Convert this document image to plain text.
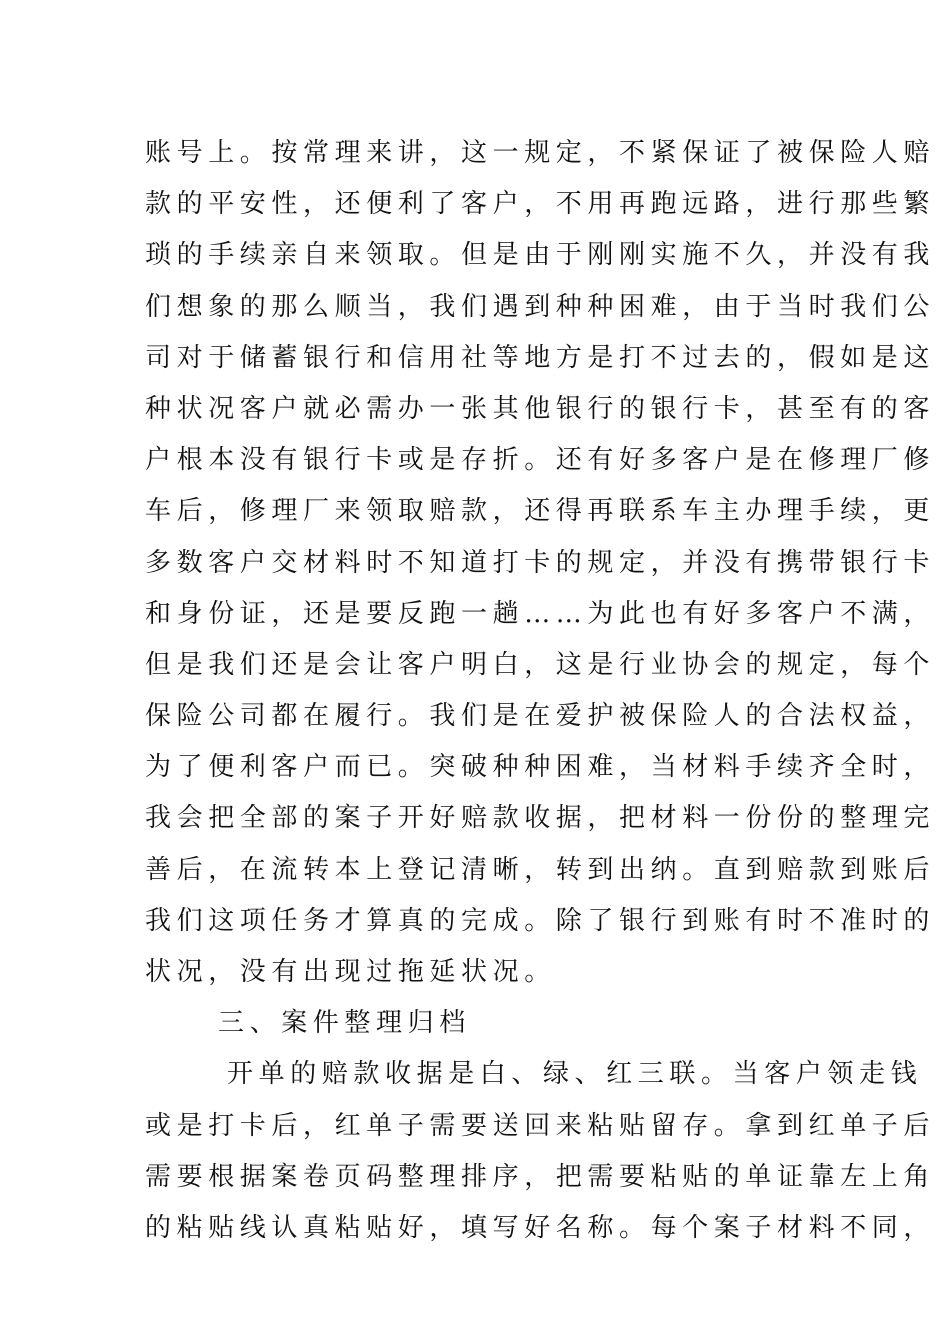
账号上。按常理来讲，这一规定，不紧保证了被保险人赔
款的平安性，还便利了客户，不用再跑远路，进行那些繁
琐的手续亲自来领取。但是由于刚刚实施不久，并没有我
们想象的那么顺当，我们遇到种种困难，由于当时我们公
司对于储蓄银行和信用社等地方是打不过去的，假如是这
种状况客户就必需办一张其他银行的银行卡，甚至有的客
户根本没有银行卡或是存折。还有好多客户是在修理厂修
车后，修理厂来领取赔款，还得再联系车主办理手续，更
多数客户交材料时不知道打卡的规定，并没有携带银行卡
和身份证，还是要反跑一趟……为此也有好多客户不满，
但是我们还是会让客户明白，这是行业协会的规定，每个
保险公司都在履行。我们是在爱护被保险人的合法权益，
为了便利客户而已。突破种种困难，当材料手续齐全时，
我会把全部的案子开好赔款收据，把材料一份份的整理完
善后，在流转本上登记清晰，转到出纳。直到赔款到账后
我们这项任务才算真的完成。除了银行到账有时不准时的
状况，没有出现过拖延状况。
三、案件整理归档
开单的赔款收据是白、绿、红三联。当客户领走钱
或是打卡后，红单子需要送回来粘贴留存。拿到红单子后
需要根据案卷页码整理排序，把需要粘贴的单证靠左上角
的粘贴线认真粘贴好，填写好名称。每个案子材料不同，
